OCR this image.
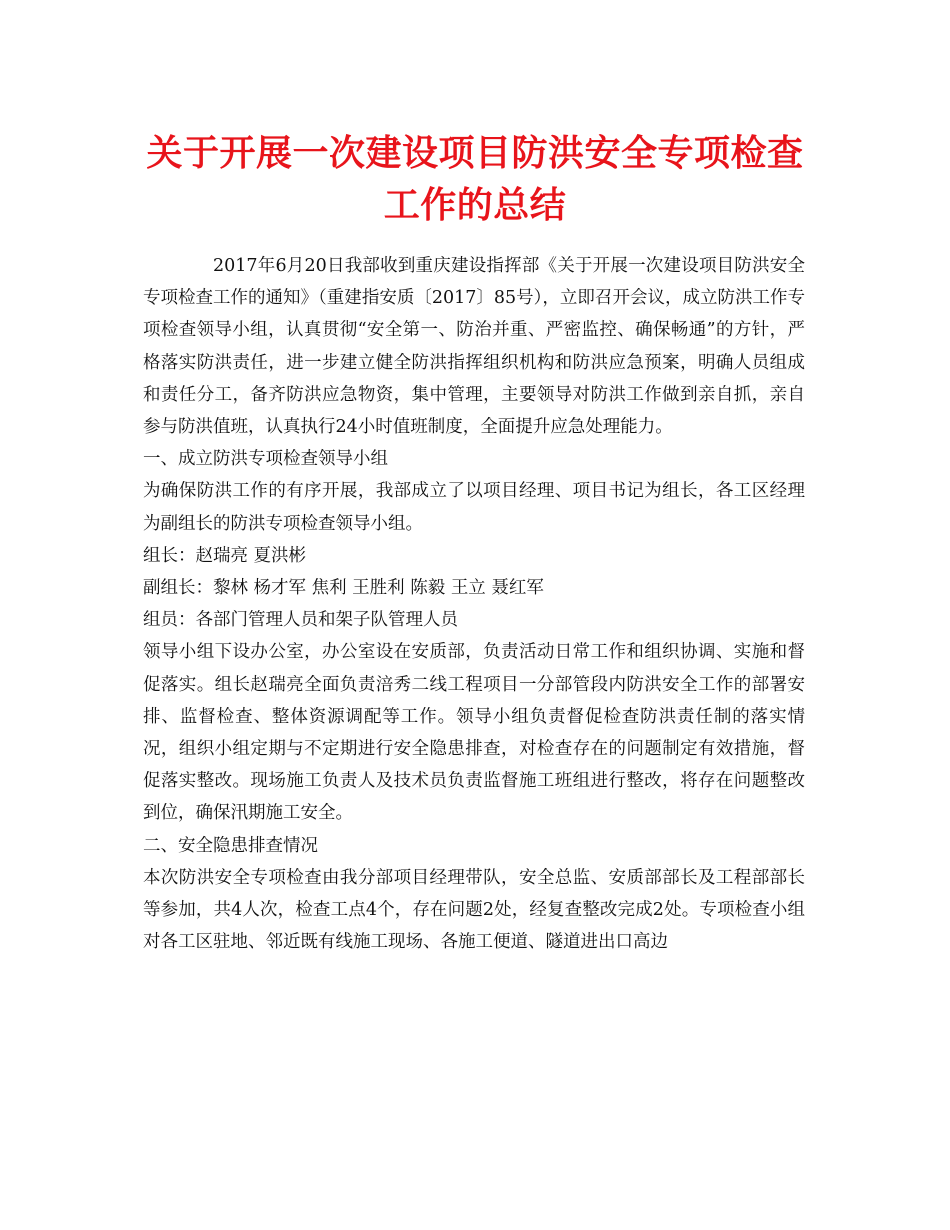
关于开展一次建设项目防洪安全专项检查工作的总结

2017年6月20日我部收到重庆建设指挥部《关于开展一次建设项目防洪安全专项检查工作的通知》（重建指安质〔2017〕85号），立即召开会议，成立防洪工作专项检查领导小组，认真贯彻“安全第一、防治并重、严密监控、确保畅通”的方针，严格落实防洪责任，进一步建立健全防洪指挥组织机构和防洪应急预案，明确人员组成和责任分工，备齐防洪应急物资，集中管理，主要领导对防洪工作做到亲自抓，亲自参与防洪值班，认真执行24小时值班制度，全面提升应急处理能力。

一、成立防洪专项检查领导小组

为确保防洪工作的有序开展，我部成立了以项目经理、项目书记为组长，各工区经理为副组长的防洪专项检查领导小组。

组长：赵瑞亮 夏洪彬

副组长：黎林 杨才军 焦利 王胜利 陈毅 王立 聂红军

组员：各部门管理人员和架子队管理人员

领导小组下设办公室，办公室设在安质部，负责活动日常工作和组织协调、实施和督促落实。组长赵瑞亮全面负责涪秀二线工程项目一分部管段内防洪安全工作的部署安排、监督检查、整体资源调配等工作。领导小组负责督促检查防洪责任制的落实情况，组织小组定期与不定期进行安全隐患排查，对检查存在的问题制定有效措施，督促落实整改。现场施工负责人及技术员负责监督施工班组进行整改，将存在问题整改到位，确保汛期施工安全。

二、安全隐患排查情况

本次防洪安全专项检查由我分部项目经理带队，安全总监、安质部部长及工程部部长等参加，共4人次，检查工点4个，存在问题2处，经复查整改完成2处。专项检查小组对各工区驻地、邻近既有线施工现场、各施工便道、隧道进出口高边
